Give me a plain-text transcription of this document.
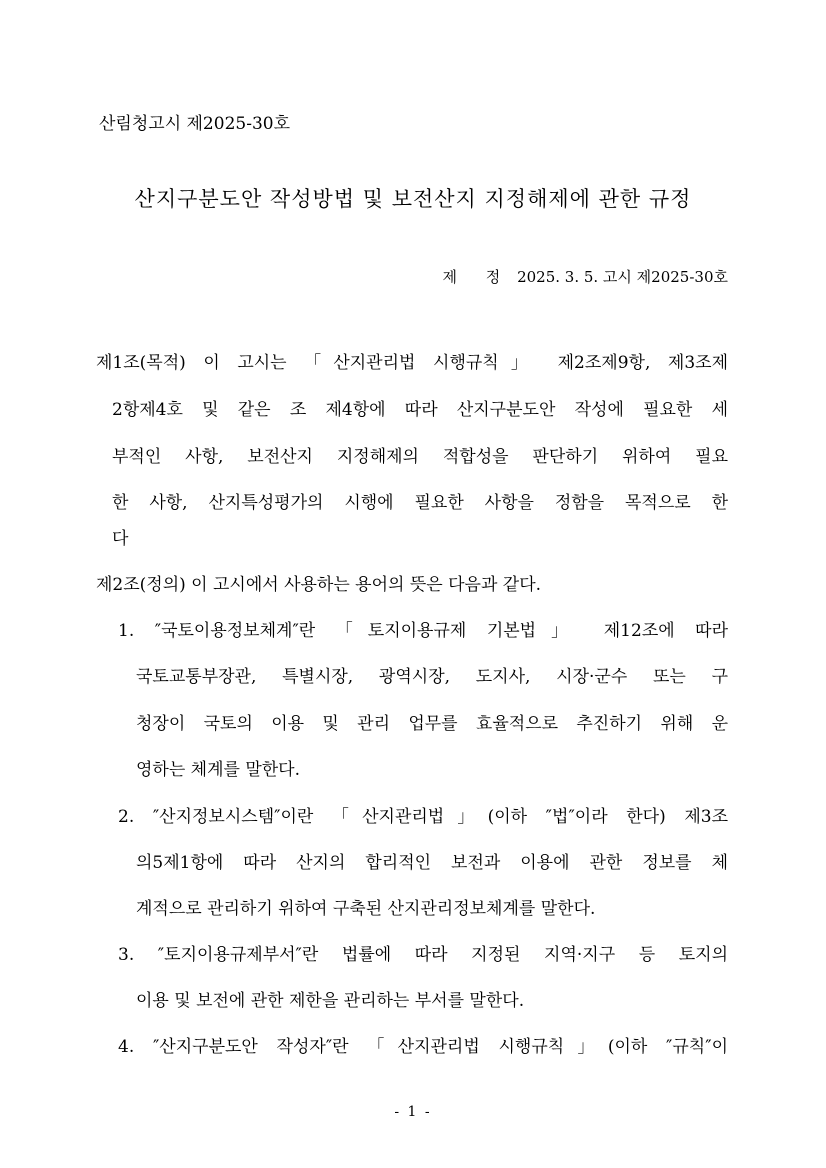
산림청고시 제2025-30호
산지구분도안 작성방법 및 보전산지 지정해제에 관한 규정
제 정 2025. 3. 5. 고시 제2025-30호
제1조(목적) 이 고시는 「산지관리법 시행규칙」 제2조제9항, 제3조제
2항제4호 및 같은 조 제4항에 따라 산지구분도안 작성에 필요한 세
부적인 사항, 보전산지 지정해제의 적합성을 판단하기 위하여 필요
한 사항, 산지특성평가의 시행에 필요한 사항을 정함을 목적으로 한
다
제2조(정의) 이 고시에서 사용하는 용어의 뜻은 다음과 같다.
1. ″국토이용정보체계″란 「토지이용규제 기본법」 제12조에 따라
국토교통부장관, 특별시장, 광역시장, 도지사, 시장·군수 또는 구
청장이 국토의 이용 및 관리 업무를 효율적으로 추진하기 위해 운
영하는 체계를 말한다.
2. ″산지정보시스템″이란 「산지관리법」(이하 ″법″이라 한다) 제3조
의5제1항에 따라 산지의 합리적인 보전과 이용에 관한 정보를 체
계적으로 관리하기 위하여 구축된 산지관리정보체계를 말한다.
3. ″토지이용규제부서″란 법률에 따라 지정된 지역·지구 등 토지의
이용 및 보전에 관한 제한을 관리하는 부서를 말한다.
4. ″산지구분도안 작성자″란 「산지관리법 시행규칙」(이하 ″규칙″이
- 1 -
